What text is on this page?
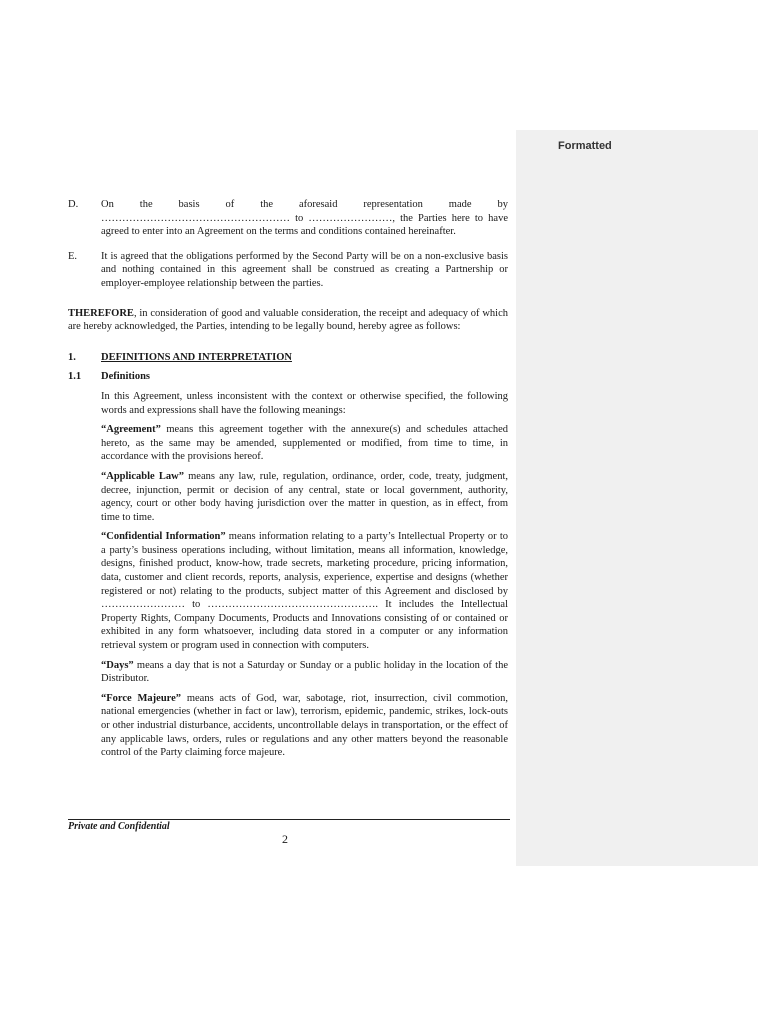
Formatted
D.	On the basis of the aforesaid representation made by ……………………………………………… to ……………………, the Parties here to have agreed to enter into an Agreement on the terms and conditions contained hereinafter.
E.	It is agreed that the obligations performed by the Second Party will be on a non-exclusive basis and nothing contained in this agreement shall be construed as creating a Partnership or employer-employee relationship between the parties.

THEREFORE, in consideration of good and valuable consideration, the receipt and adequacy of which are hereby acknowledged, the Parties, intending to be legally bound, hereby agree as follows:

1.	DEFINITIONS AND INTERPRETATION
1.1	Definitions

In this Agreement, unless inconsistent with the context or otherwise specified, the following words and expressions shall have the following meanings:

“Agreement” means this agreement together with the annexure(s) and schedules attached hereto, as the same may be amended, supplemented or modified, from time to time, in accordance with the provisions hereof.

“Applicable Law” means any law, rule, regulation, ordinance, order, code, treaty, judgment, decree, injunction, permit or decision of any central, state or local government, authority, agency, court or other body having jurisdiction over the matter in question, as in effect, from time to time.

“Confidential Information” means information relating to a party’s Intellectual Property or to a party’s business operations including, without limitation, means all information, knowledge, designs, finished product, know-how, trade secrets, marketing procedure, pricing information, data, customer and client records, reports, analysis, experience, expertise and designs (whether registered or not) relating to the products, subject matter of this Agreement and disclosed by …………………… to …………………………………………. It includes the Intellectual Property Rights, Company Documents, Products and Innovations consisting of or contained or exhibited in any form whatsoever, including data stored in a computer or any information retrieval system or program used in connection with computers.

“Days” means a day that is not a Saturday or Sunday or a public holiday in the location of the Distributor.

“Force Majeure” means acts of God, war, sabotage, riot, insurrection, civil commotion, national emergencies (whether in fact or law), terrorism, epidemic, pandemic, strikes, lock-outs or other industrial disturbance, accidents, uncontrollable delays in transportation, or the effect of any applicable laws, orders, rules or regulations and any other matters beyond the reasonable control of the Party claiming force majeure.

Private and Confidential
2
